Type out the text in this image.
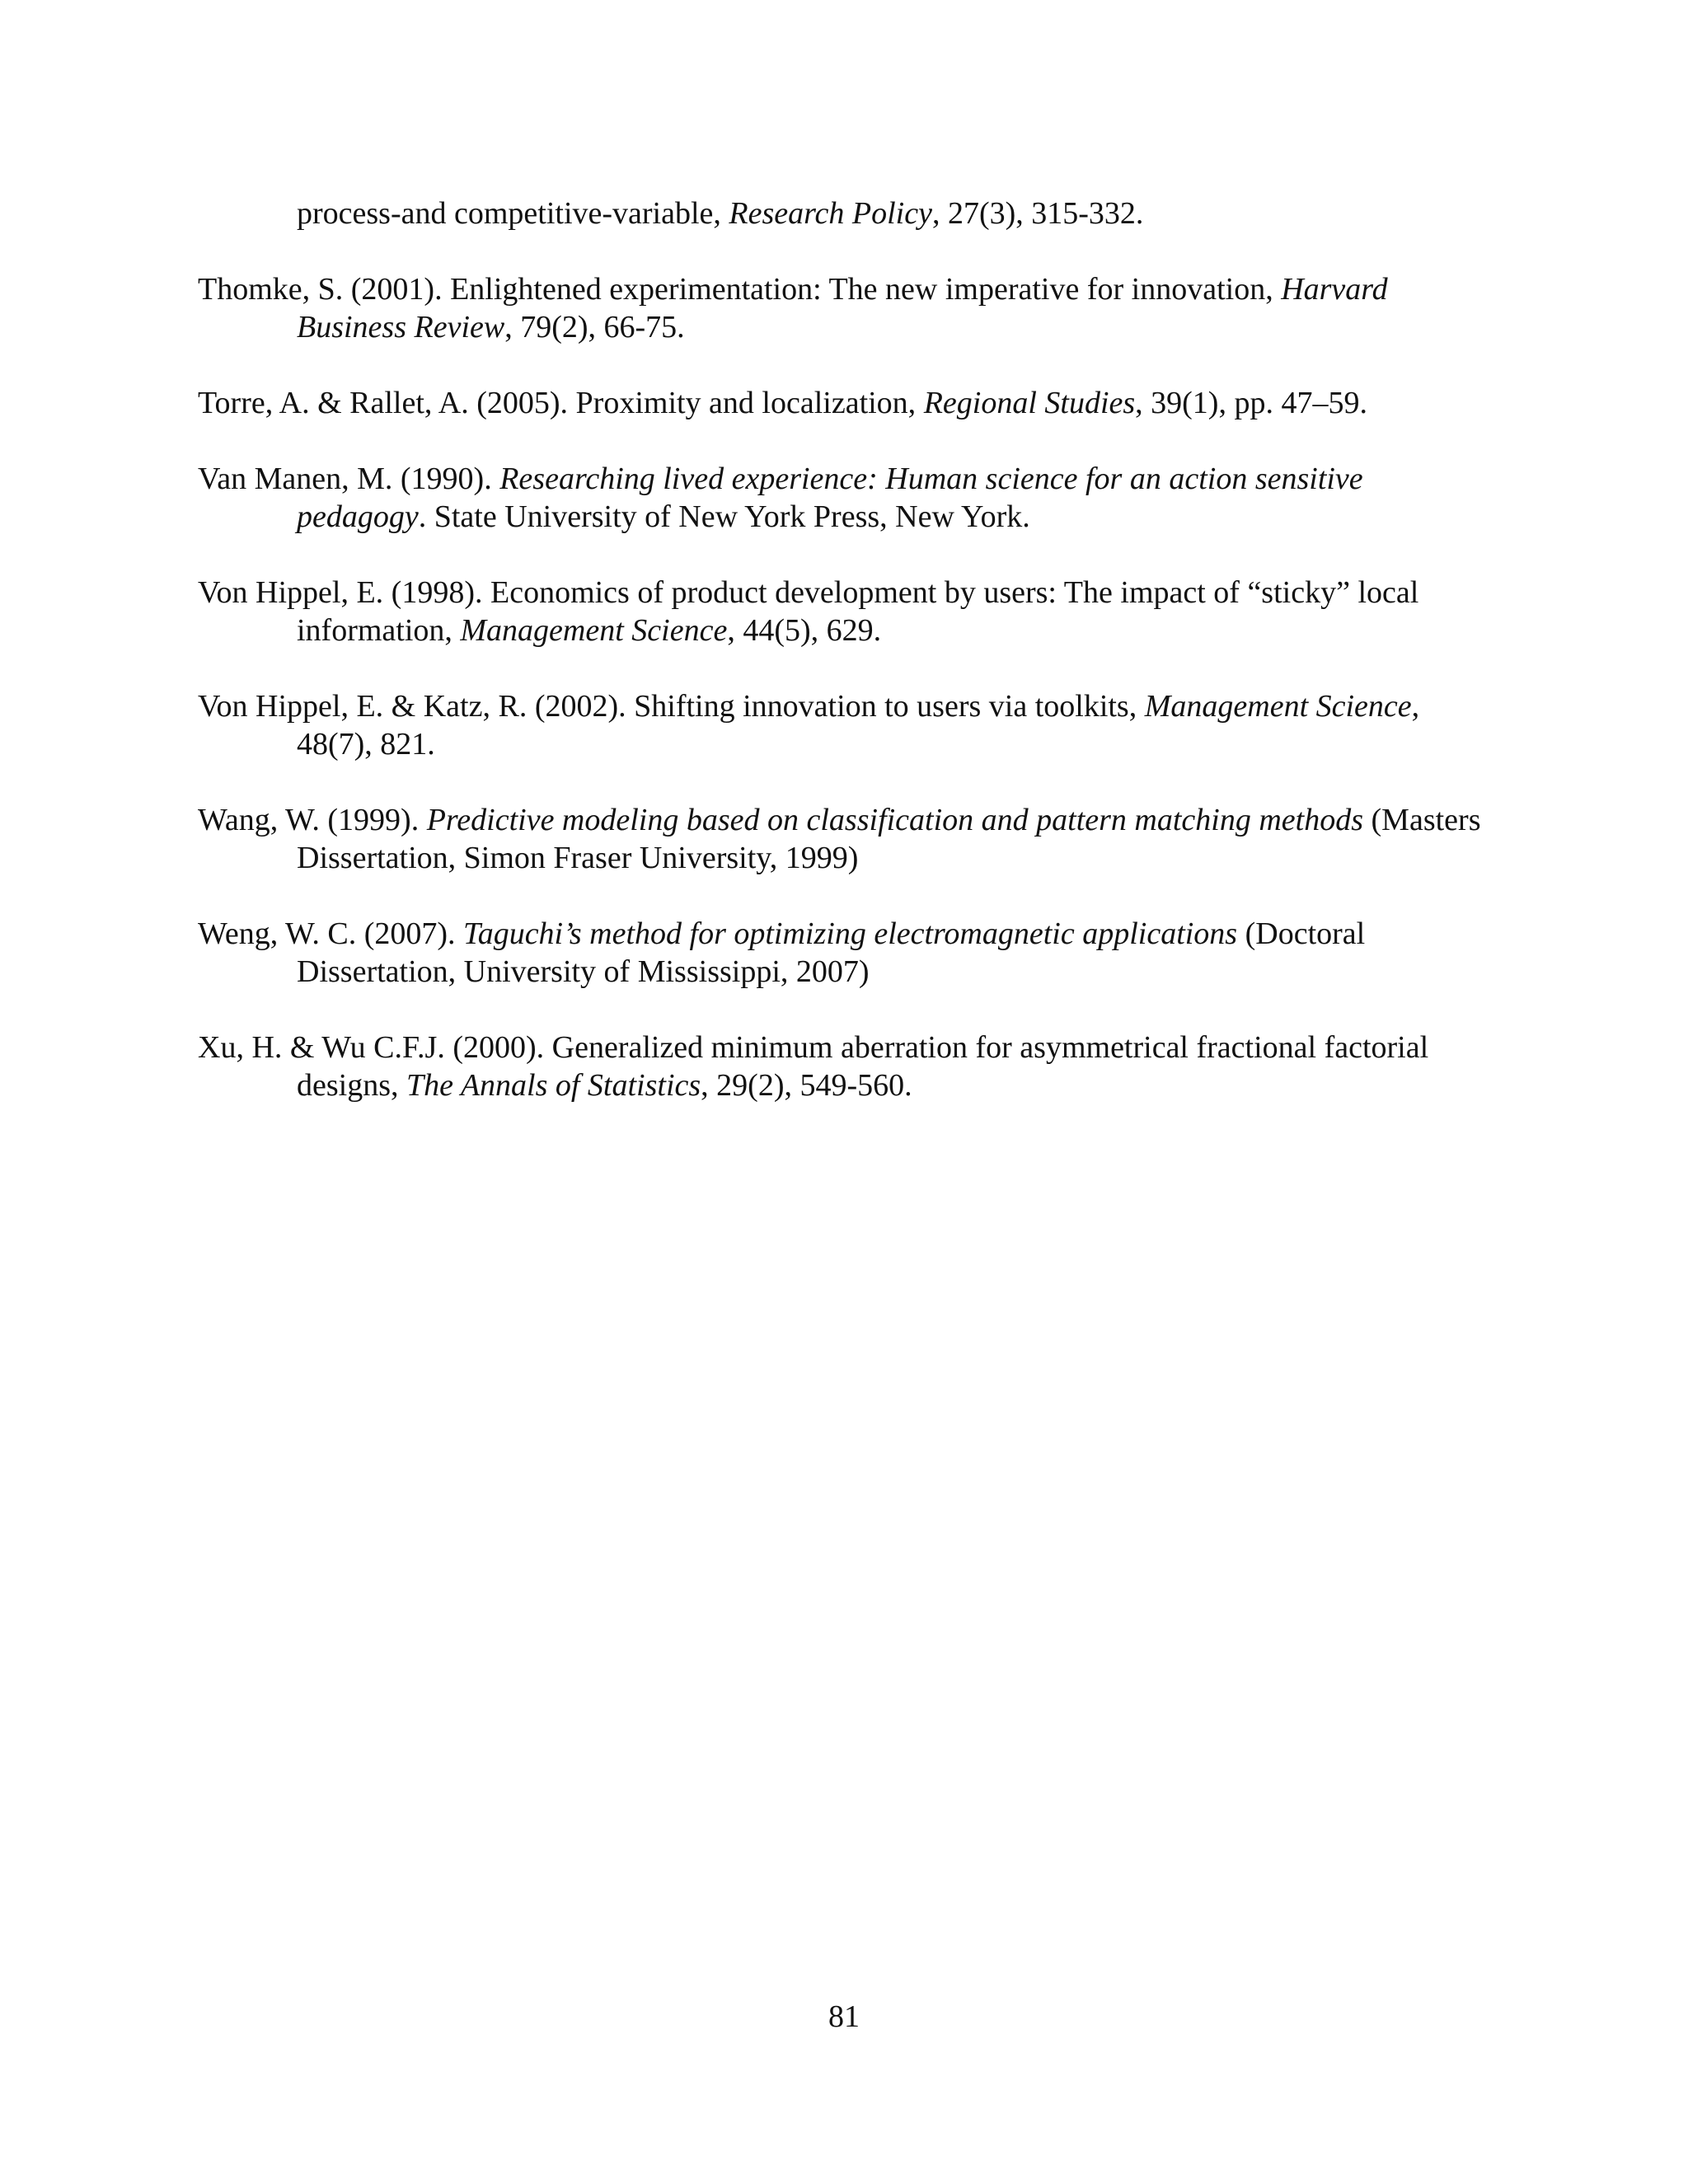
process-and competitive-variable, Research Policy, 27(3), 315-332.

Thomke, S. (2001). Enlightened experimentation: The new imperative for innovation, Harvard Business Review, 79(2), 66-75.

Torre, A. & Rallet, A. (2005). Proximity and localization, Regional Studies, 39(1), pp. 47–59.

Van Manen, M. (1990). Researching lived experience: Human science for an action sensitive pedagogy. State University of New York Press, New York.

Von Hippel, E. (1998). Economics of product development by users: The impact of “sticky” local information, Management Science, 44(5), 629.

Von Hippel, E. & Katz, R. (2002). Shifting innovation to users via toolkits, Management Science, 48(7), 821.

Wang, W. (1999). Predictive modeling based on classification and pattern matching methods (Masters Dissertation, Simon Fraser University, 1999)

Weng, W. C. (2007). Taguchi’s method for optimizing electromagnetic applications (Doctoral Dissertation, University of Mississippi, 2007)

Xu, H. & Wu C.F.J. (2000). Generalized minimum aberration for asymmetrical fractional factorial designs, The Annals of Statistics, 29(2), 549-560.

81
